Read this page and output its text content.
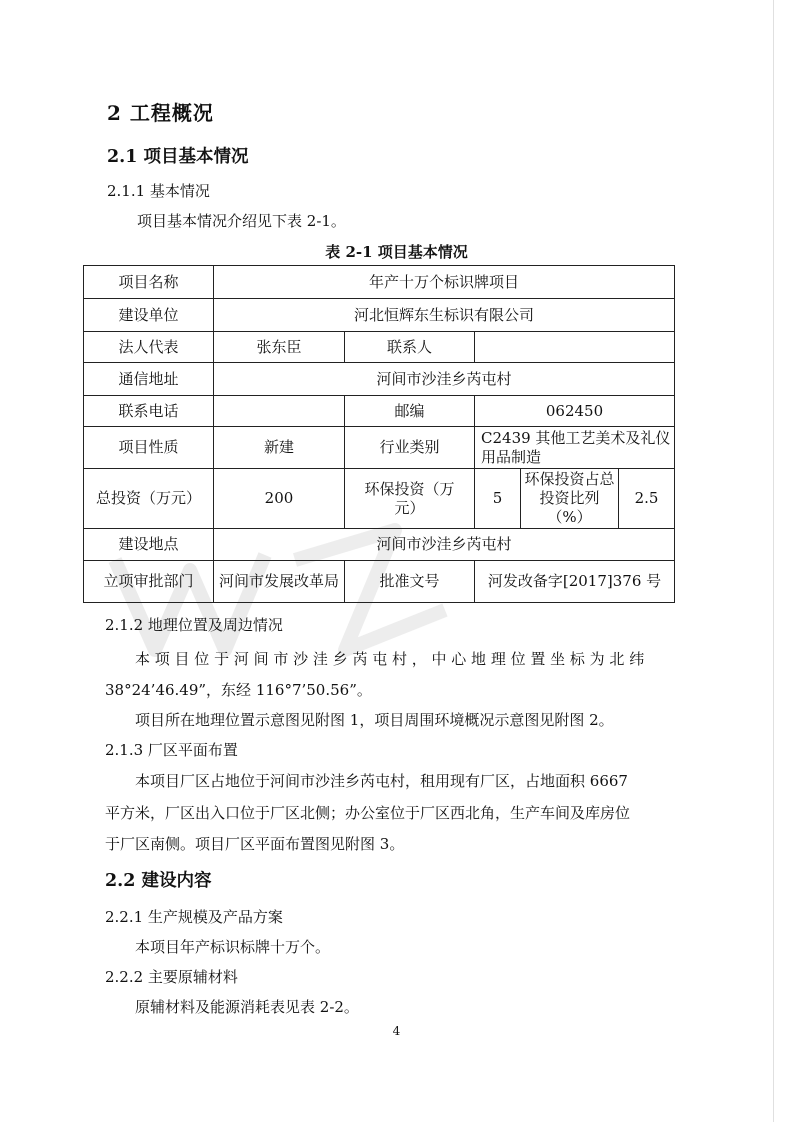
2 工程概况
2.1 项目基本情况
2.1.1 基本情况
项目基本情况介绍见下表 2-1。
表 2-1 项目基本情况
项目名称	年产十万个标识牌项目				
建设单位	河北恒辉东生标识有限公司				
法人代表	张东臣	联系人			
通信地址	河间市沙洼乡芮屯村				
联系电话		邮编	062450		
项目性质	新建	行业类别	C2439 其他工艺美术及礼仪用品制造		
总投资（万元）	200	环保投资（万元）	5	环保投资占总投资比列（%）	2.5
建设地点	河间市沙洼乡芮屯村				
立项审批部门	河间市发展改革局	批准文号	河发改备字[2017]376 号		
2.1.2 地理位置及周边情况
本 项 目 位 于 河 间 市 沙 洼 乡 芮 屯 村 ， 中 心 地 理 位 置 坐 标 为 北 纬
38°24’46.49”，东经 116°7’50.56”。
项目所在地理位置示意图见附图 1，项目周围环境概况示意图见附图 2。
2.1.3 厂区平面布置
本项目厂区占地位于河间市沙洼乡芮屯村，租用现有厂区，占地面积 6667
平方米，厂区出入口位于厂区北侧；办公室位于厂区西北角，生产车间及库房位
于厂区南侧。项目厂区平面布置图见附图 3。
2.2 建设内容
2.2.1 生产规模及产品方案
本项目年产标识标牌十万个。
2.2.2 主要原辅材料
原辅材料及能源消耗表见表 2-2。
4
